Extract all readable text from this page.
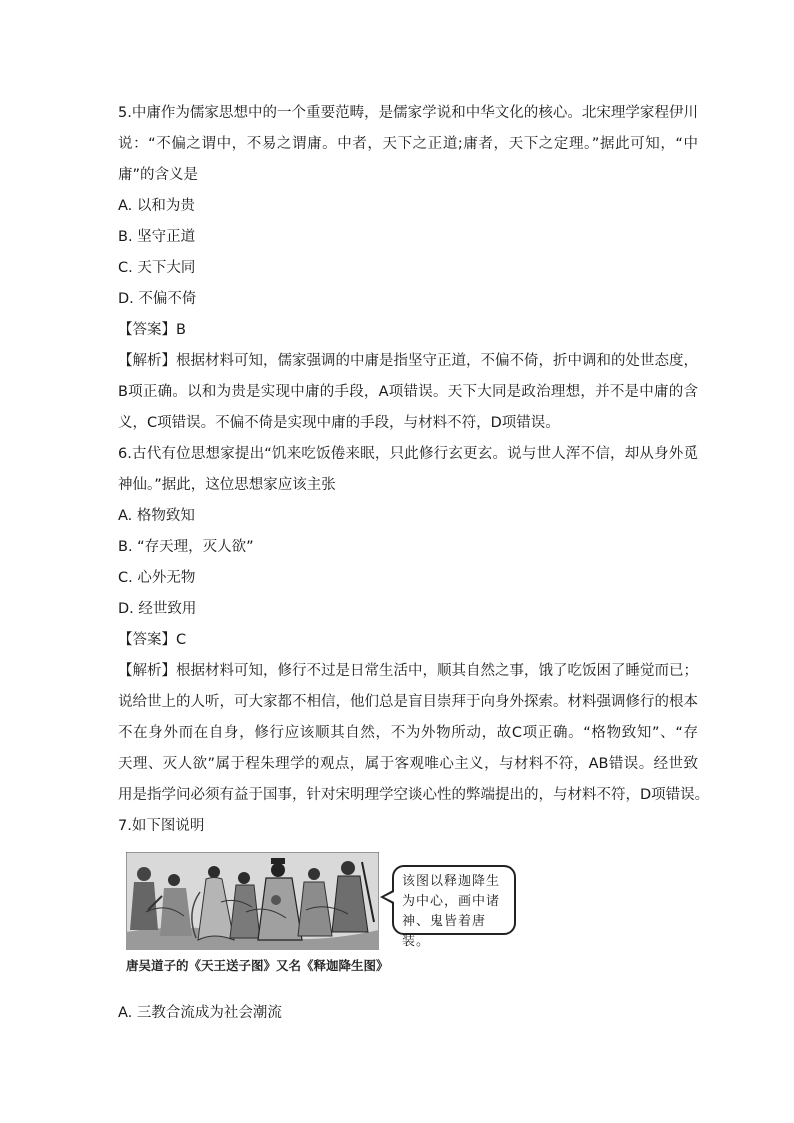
5.中庸作为儒家思想中的一个重要范畴，是儒家学说和中华文化的核心。北宋理学家程伊川
说：“不偏之谓中，不易之谓庸。中者，天下之正道;庸者，天下之定理。”据此可知，“中
庸”的含义是
A. 以和为贵
B. 坚守正道
C. 天下大同
D. 不偏不倚
【答案】B
【解析】根据材料可知，儒家强调的中庸是指坚守正道，不偏不倚，折中调和的处世态度，
B项正确。以和为贵是实现中庸的手段，A项错误。天下大同是政治理想，并不是中庸的含
义，C项错误。不偏不倚是实现中庸的手段，与材料不符，D项错误。
6.古代有位思想家提出“饥来吃饭倦来眠，只此修行玄更玄。说与世人浑不信，却从身外觅
神仙。”据此，这位思想家应该主张
A. 格物致知
B. “存天理，灭人欲”
C. 心外无物
D. 经世致用
【答案】C
【解析】根据材料可知，修行不过是日常生活中，顺其自然之事，饿了吃饭困了睡觉而已；
说给世上的人听，可大家都不相信，他们总是盲目崇拜于向身外探索。材料强调修行的根本
不在身外而在自身，修行应该顺其自然，不为外物所动，故C项正确。“格物致知”、“存
天理、灭人欲”属于程朱理学的观点，属于客观唯心主义，与材料不符，AB错误。经世致
用是指学问必须有益于国事，针对宋明理学空谈心性的弊端提出的，与材料不符，D项错误。
7.如下图说明
该图以释迦降生为中心，画中诸神、鬼皆着唐装。
唐吴道子的《天王送子图》又名《释迦降生图》
A. 三教合流成为社会潮流
